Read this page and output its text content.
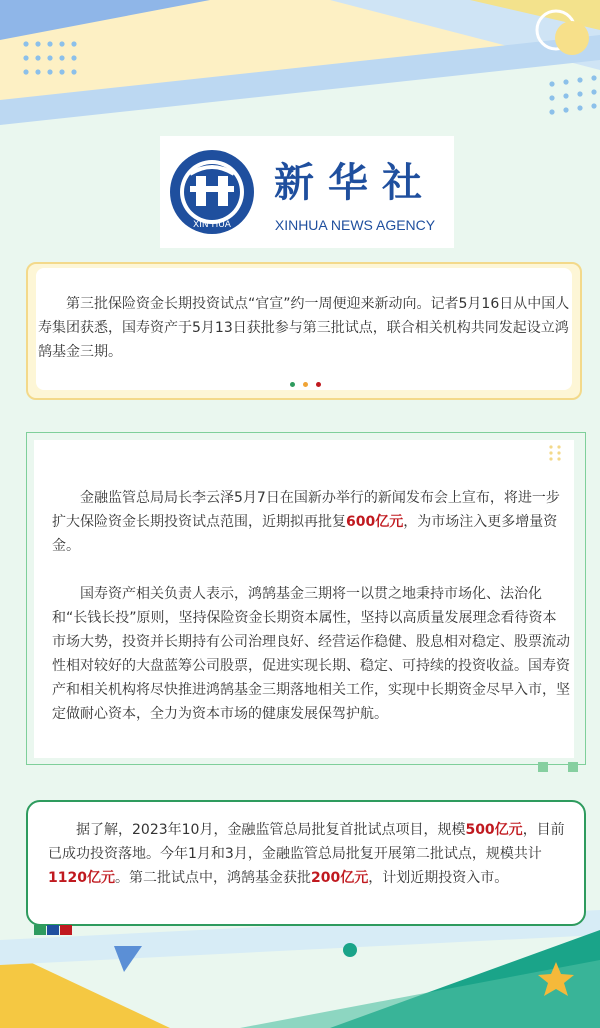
XIN HUA
新华社
XINHUA NEWS AGENCY

第三批保险资金长期投资试点“官宣”约一周便迎来新动向。记者5月16日从中国人寿集团获悉，国寿资产于5月13日获批参与第三批试点，联合相关机构共同发起设立鸿鹄基金三期。

金融监管总局局长李云泽5月7日在国新办举行的新闻发布会上宣布，将进一步扩大保险资金长期投资试点范围，近期拟再批复600亿元，为市场注入更多增量资金。

国寿资产相关负责人表示，鸿鹄基金三期将一以贯之地秉持市场化、法治化和“长钱长投”原则，坚持保险资金长期资本属性，坚持以高质量发展理念看待资本市场大势，投资并长期持有公司治理良好、经营运作稳健、股息相对稳定、股票流动性相对较好的大盘蓝筹公司股票，促进实现长期、稳定、可持续的投资收益。国寿资产和相关机构将尽快推进鸿鹄基金三期落地相关工作，实现中长期资金尽早入市，坚定做耐心资本，全力为资本市场的健康发展保驾护航。

据了解，2023年10月，金融监管总局批复首批试点项目，规模500亿元，目前已成功投资落地。今年1月和3月，金融监管总局批复开展第二批试点，规模共计1120亿元。第二批试点中，鸿鹄基金获批200亿元，计划近期投资入市。
